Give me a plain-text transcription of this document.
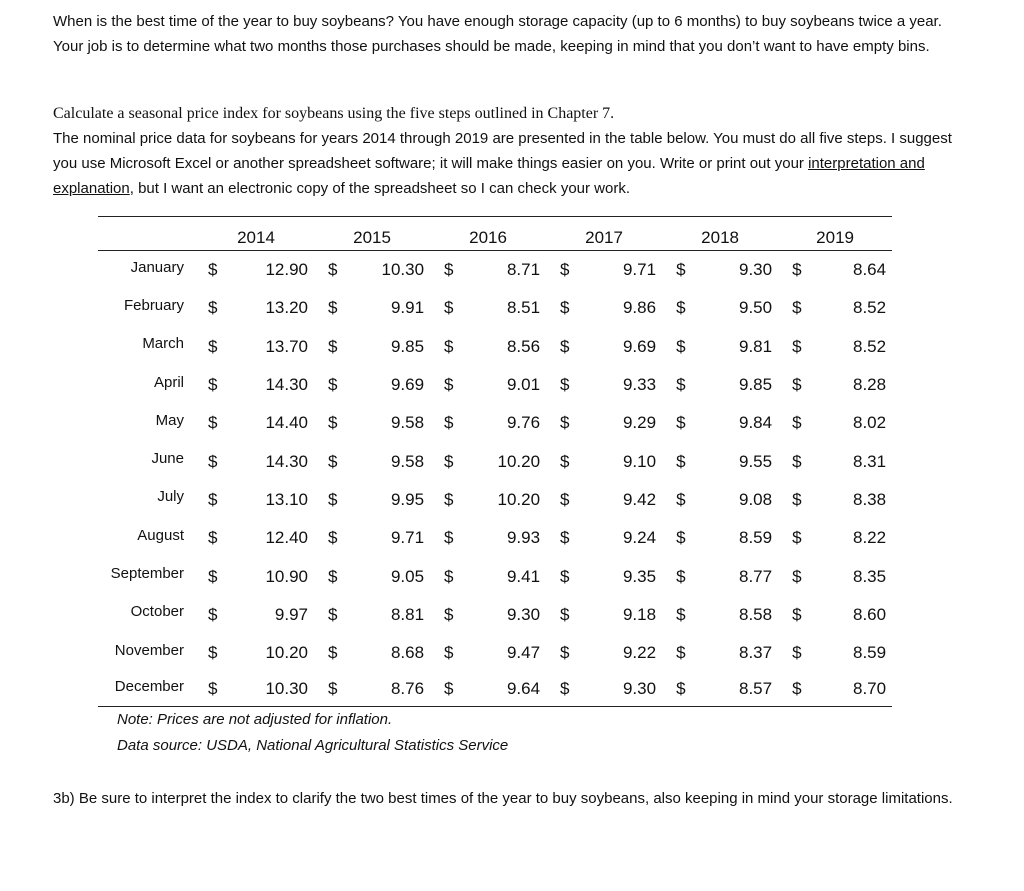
When is the best time of the year to buy soybeans? You have enough storage capacity (up to 6 months) to buy soybeans twice a year. Your job is to determine what two months those purchases should be made, keeping in mind that you don’t want to have empty bins.

Calculate a seasonal price index for soybeans using the five steps outlined in Chapter 7.
The nominal price data for soybeans for years 2014 through 2019 are presented in the table below. You must do all five steps. I suggest you use Microsoft Excel or another spreadsheet software; it will make things easier on you. Write or print out your interpretation and explanation, but I want an electronic copy of the spreadsheet so I can check your work.

	2014		2015		2016		2017		2018		2019	
January	$	12.90	$	10.30	$	8.71	$	9.71	$	9.30	$	8.64
February	$	13.20	$	9.91	$	8.51	$	9.86	$	9.50	$	8.52
March	$	13.70	$	9.85	$	8.56	$	9.69	$	9.81	$	8.52
April	$	14.30	$	9.69	$	9.01	$	9.33	$	9.85	$	8.28
May	$	14.40	$	9.58	$	9.76	$	9.29	$	9.84	$	8.02
June	$	14.30	$	9.58	$	10.20	$	9.10	$	9.55	$	8.31
July	$	13.10	$	9.95	$	10.20	$	9.42	$	9.08	$	8.38
August	$	12.40	$	9.71	$	9.93	$	9.24	$	8.59	$	8.22
September	$	10.90	$	9.05	$	9.41	$	9.35	$	8.77	$	8.35
October	$	9.97	$	8.81	$	9.30	$	9.18	$	8.58	$	8.60
November	$	10.20	$	8.68	$	9.47	$	9.22	$	8.37	$	8.59
December	$	10.30	$	8.76	$	9.64	$	9.30	$	8.57	$	8.70

Note: Prices are not adjusted for inflation.

Data source: USDA, National Agricultural Statistics Service

3b) Be sure to interpret the index to clarify the two best times of the year to buy soybeans, also keeping in mind your storage limitations.
